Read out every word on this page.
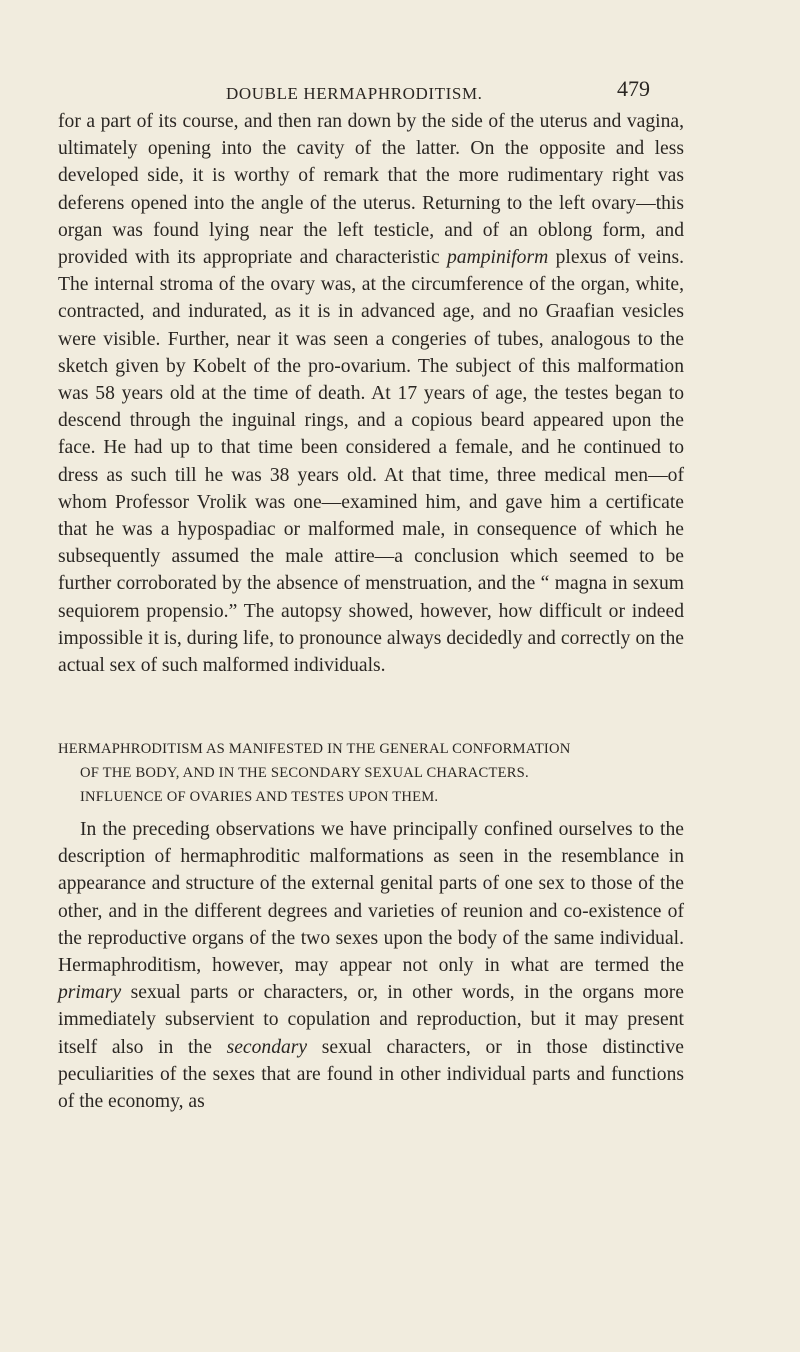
DOUBLE HERMAPHRODITISM.	479

for a part of its course, and then ran down by the side of the uterus and vagina, ultimately opening into the cavity of the latter. On the opposite and less developed side, it is worthy of remark that the more rudimentary right vas deferens opened into the angle of the uterus. Returning to the left ovary—this organ was found lying near the left testicle, and of an oblong form, and provided with its appropriate and characteristic pampiniform plexus of veins. The internal stroma of the ovary was, at the circumference of the organ, white, contracted, and indurated, as it is in advanced age, and no Graafian vesicles were visible. Further, near it was seen a congeries of tubes, analogous to the sketch given by Kobelt of the pro-ovarium. The subject of this malformation was 58 years old at the time of death. At 17 years of age, the testes began to descend through the inguinal rings, and a copious beard appeared upon the face. He had up to that time been considered a female, and he continued to dress as such till he was 38 years old. At that time, three medical men—of whom Professor Vrolik was one—examined him, and gave him a certificate that he was a hypospadiac or malformed male, in consequence of which he subsequently assumed the male attire—a conclusion which seemed to be further corroborated by the absence of menstruation, and the “ magna in sexum sequiorem propensio.” The autopsy showed, however, how difficult or indeed impossible it is, during life, to pronounce always decidedly and correctly on the actual sex of such malformed individuals.

HERMAPHRODITISM AS MANIFESTED IN THE GENERAL CONFORMATION
OF THE BODY, AND IN THE SECONDARY SEXUAL CHARACTERS.
INFLUENCE OF OVARIES AND TESTES UPON THEM.

In the preceding observations we have principally confined ourselves to the description of hermaphroditic malformations as seen in the resemblance in appearance and structure of the external genital parts of one sex to those of the other, and in the different degrees and varieties of reunion and co-existence of the reproductive organs of the two sexes upon the body of the same individual. Hermaphroditism, however, may appear not only in what are termed the primary sexual parts or characters, or, in other words, in the organs more immediately subservient to copulation and reproduction, but it may present itself also in the secondary sexual characters, or in those distinctive peculiarities of the sexes that are found in other individual parts and functions of the economy, as
